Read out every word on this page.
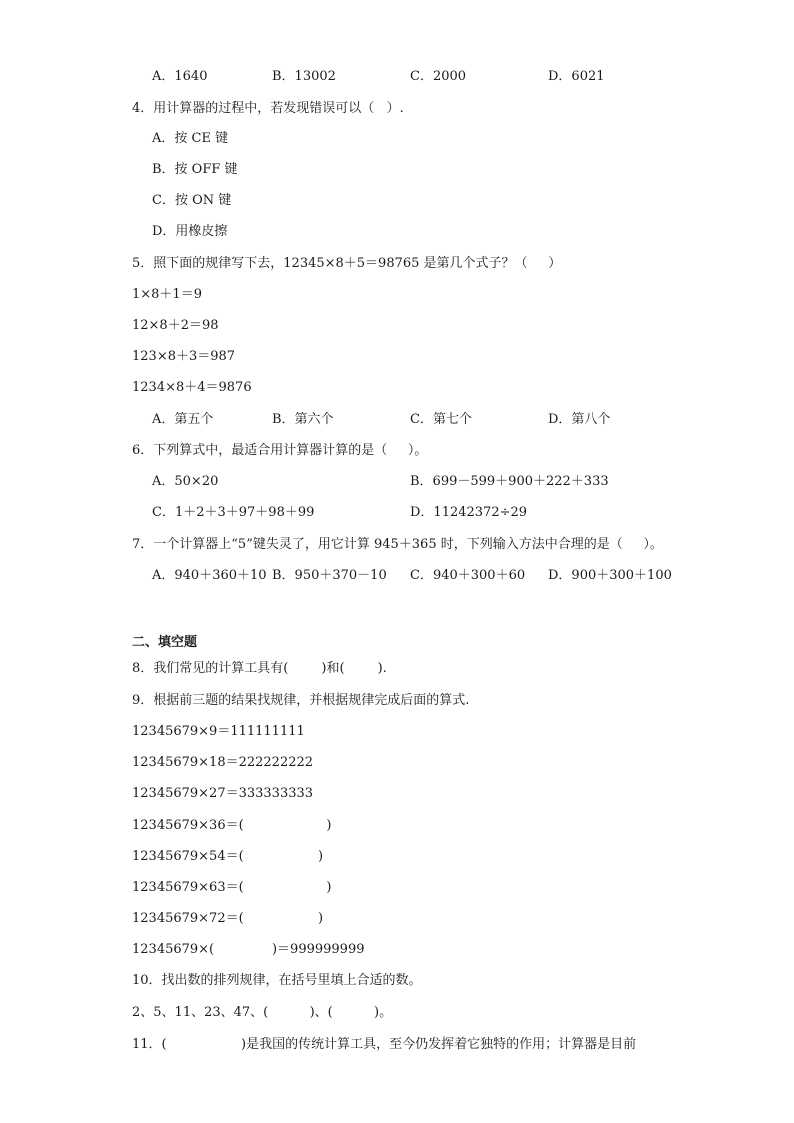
A．1640	B．13002	C．2000	D．6021
4．用计算器的过程中，若发现错误可以（   ）.
A．按 CE 键
B．按 OFF 键
C．按 ON 键
D．用橡皮擦
5．照下面的规律写下去，12345×8＋5＝98765 是第几个式子？（     ）
1×8＋1＝9
12×8＋2＝98
123×8＋3＝987
1234×8＋4＝9876
A．第五个	B．第六个	C．第七个	D．第八个
6．下列算式中，最适合用计算器计算的是（     ）。
A．50×20	B．699－599＋900＋222＋333
C．1＋2＋3＋97＋98＋99	D．11242372÷29
7．一个计算器上“5”键失灵了，用它计算 945＋365 时，下列输入方法中合理的是（     ）。
A．940＋360＋10 B．950＋370－10 C．940＋300＋60 D．900＋300＋100
二、填空题
8．我们常见的计算工具有(        )和(        ).
9．根据前三题的结果找规律，并根据规律完成后面的算式.
12345679×9＝111111111
12345679×18＝222222222
12345679×27＝333333333
12345679×36＝(                    )
12345679×54＝(                  )
12345679×63＝(                    )
12345679×72＝(                  )
12345679×(              )＝999999999
10．找出数的排列规律，在括号里填上合适的数。
2、5、11、23、47、(          )、(          )。
11．(                  )是我国的传统计算工具，至今仍发挥着它独特的作用；计算器是目前
